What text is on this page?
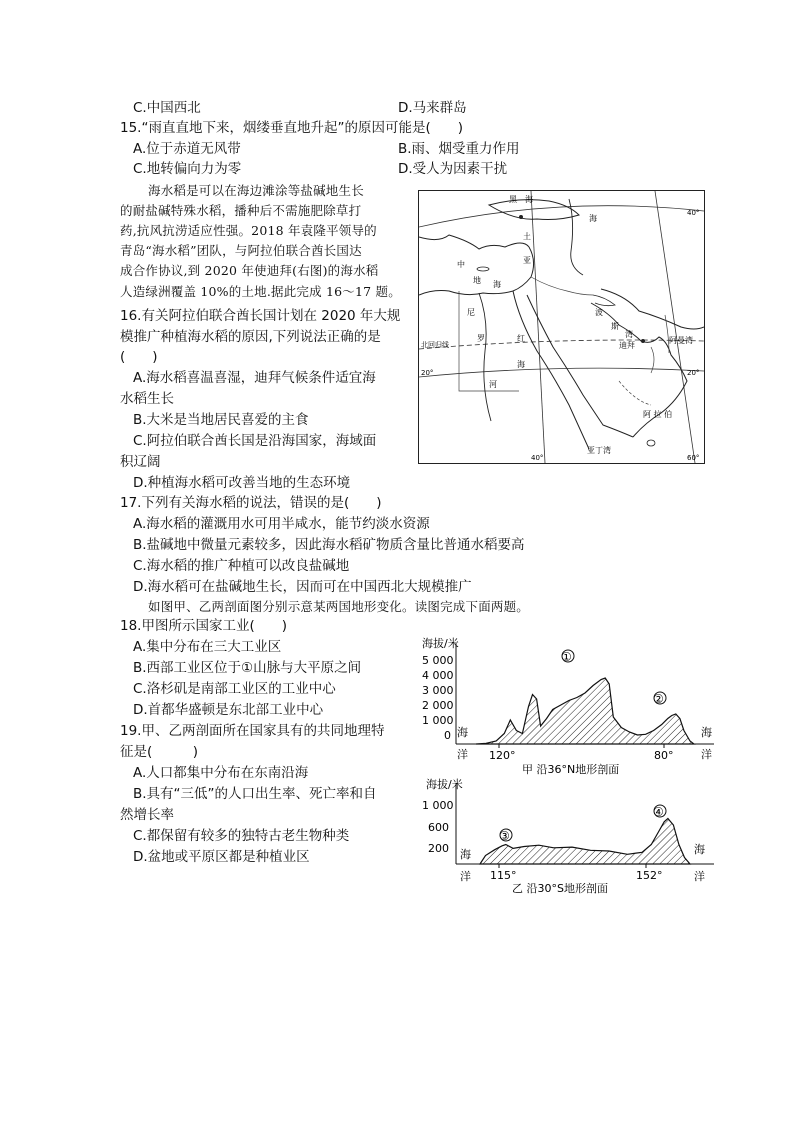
C.中国西北	D.马来群岛
15.“雨直直地下来，烟缕垂直地升起”的原因可能是(　　)
A.位于赤道无风带	B.雨、烟受重力作用
C.地转偏向力为零	D.受人为因素干扰
海水稻是可以在海边滩涂等盐碱地生长
的耐盐碱特殊水稻，播种后不需施肥除草打
药,抗风抗涝适应性强。2018 年袁隆平领导的
青岛“海水稻”团队，与阿拉伯联合酋长国达
成合作协议,到 2020 年使迪拜(右图)的海水稻
人造绿洲覆盖 10%的土地.据此完成 16～17 题。
16.有关阿拉伯联合酋长国计划在 2020 年大规
模推广种植海水稻的原因,下列说法正确的是
(　　)
A.海水稻喜温喜湿，迪拜气候条件适宜海
水稻生长
B.大米是当地居民喜爱的主食
C.阿拉伯联合酋长国是沿海国家，海域面
积辽阔
D.种植海水稻可改善当地的生态环境
17.下列有关海水稻的说法，错误的是(　　)
A.海水稻的灌溉用水可用半咸水，能节约淡水资源
B.盐碱地中微量元素较多，因此海水稻矿物质含量比普通水稻要高
C.海水稻的推广种植可以改良盐碱地
D.海水稻可在盐碱地生长，因而可在中国西北大规模推广
如图甲、乙两剖面图分别示意某两国地形变化。读图完成下面两题。
18.甲图所示国家工业(　　)
A.集中分布在三大工业区
B.西部工业区位于①山脉与大平原之间
C.洛杉矶是南部工业区的工业中心
D.首都华盛顿是东北部工业中心
19.甲、乙两剖面所在国家具有的共同地理特
征是(　　　)
A.人口都集中分布在东南沿海
B.具有“三低”的人口出生率、死亡率和自
然增长率
C.都保留有较多的独特古老生物种类
D.盆地或平原区都是种植业区
黑　海
海
中
地 海
土
亚
尼
罗
河
红
海
波
斯
湾
迪拜
阿曼湾
阿 拉 伯
亚丁湾
北回归线
40°
20°	20°
40°	60°
海拔/米
5 000
4 000
3 000
2 000
1 000
0 海
洋
海
洋
120°	80°
①
②
甲 沿36°N地形剖面
海拔/米
1 000
600
200 海
洋
海
洋
115°	152°
③
④
乙 沿30°S地形剖面
